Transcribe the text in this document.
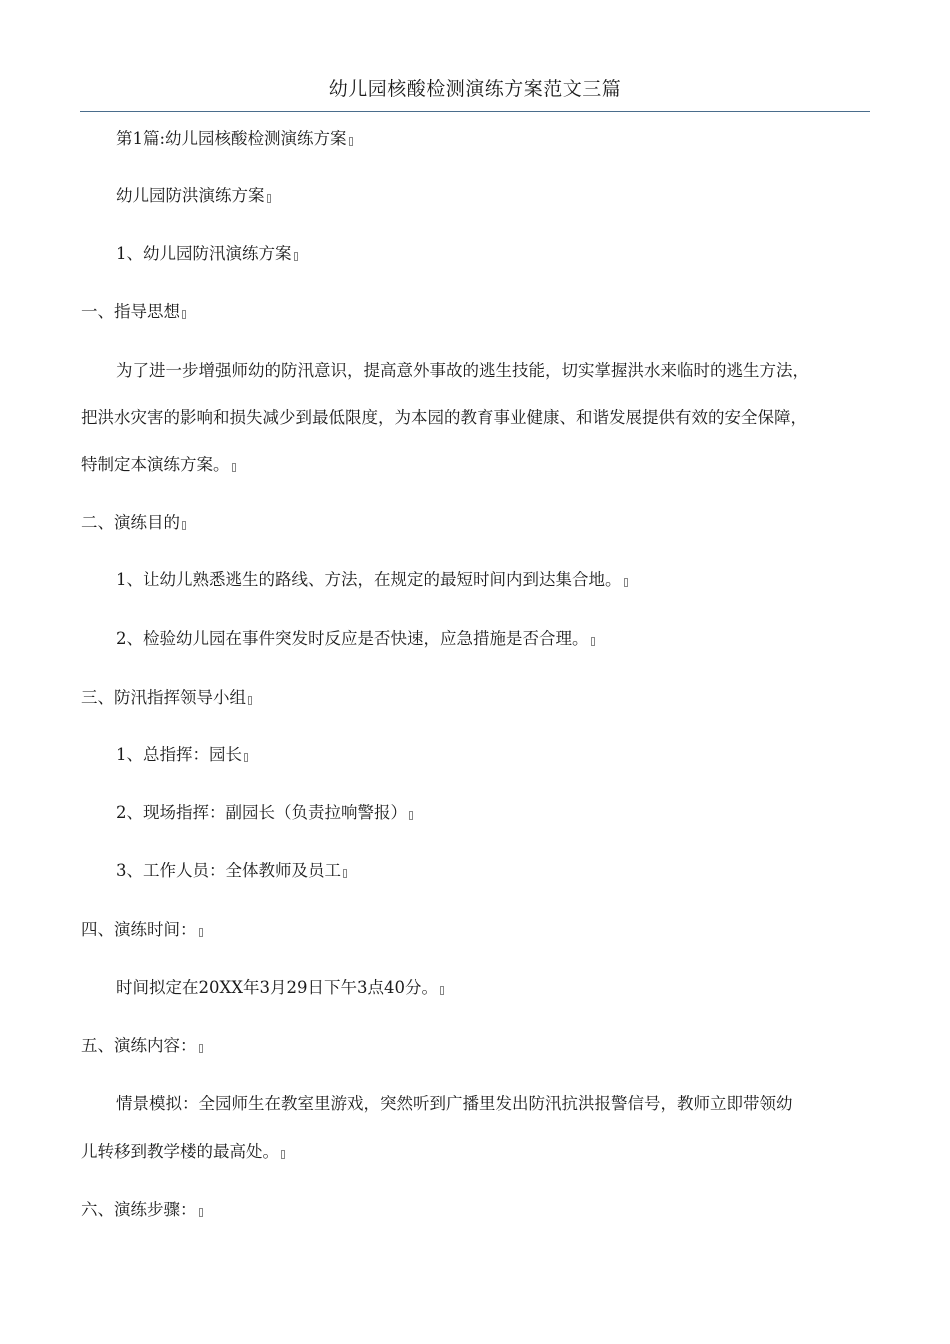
幼儿园核酸检测演练方案范文三篇
第1篇:幼儿园核酸检测演练方案
幼儿园防洪演练方案
1、幼儿园防汛演练方案
一、指导思想
为了进一步增强师幼的防汛意识，提高意外事故的逃生技能，切实掌握洪水来临时的逃生方法，
把洪水灾害的影响和损失减少到最低限度，为本园的教育事业健康、和谐发展提供有效的安全保障，
特制定本演练方案。
二、演练目的
1、让幼儿熟悉逃生的路线、方法，在规定的最短时间内到达集合地。
2、检验幼儿园在事件突发时反应是否快速，应急措施是否合理。
三、防汛指挥领导小组
1、总指挥：园长
2、现场指挥：副园长（负责拉响警报）
3、工作人员：全体教师及员工
四、演练时间：
时间拟定在20XX年3月29日下午3点40分。
五、演练内容：
情景模拟：全园师生在教室里游戏，突然听到广播里发出防汛抗洪报警信号，教师立即带领幼
儿转移到教学楼的最高处。
六、演练步骤：
